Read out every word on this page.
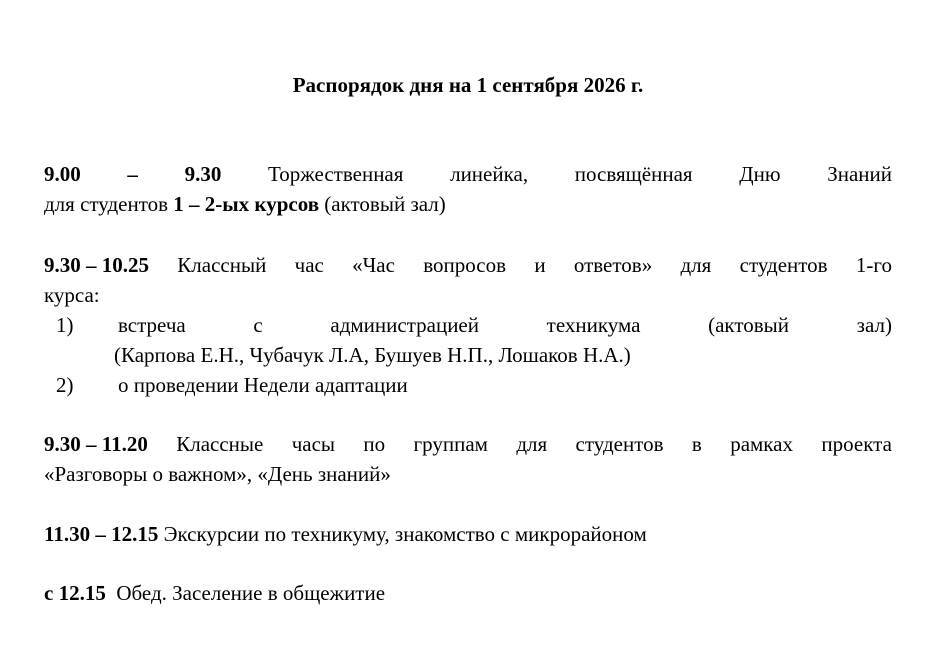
Распорядок дня на 1 сентября 2026 г.
9.00 – 9.30 Торжественная линейка, посвящённая Дню Знаний
для студентов 1 – 2-ых курсов (актовый зал)
9.30 – 10.25 Классный час «Час вопросов и ответов» для студентов 1-го
курса:
1) встреча	с	администрацией	техникума	(актовый	зал)
(Карпова Е.Н., Чубачук Л.А, Бушуев Н.П., Лошаков Н.А.)
2) о проведении Недели адаптации
9.30 – 11.20 Классные часы по группам для студентов в рамках проекта
«Разговоры о важном», «День знаний»
11.30 – 12.15 Экскурсии по техникуму, знакомство с микрорайоном
с 12.15 Обед. Заселение в общежитие
